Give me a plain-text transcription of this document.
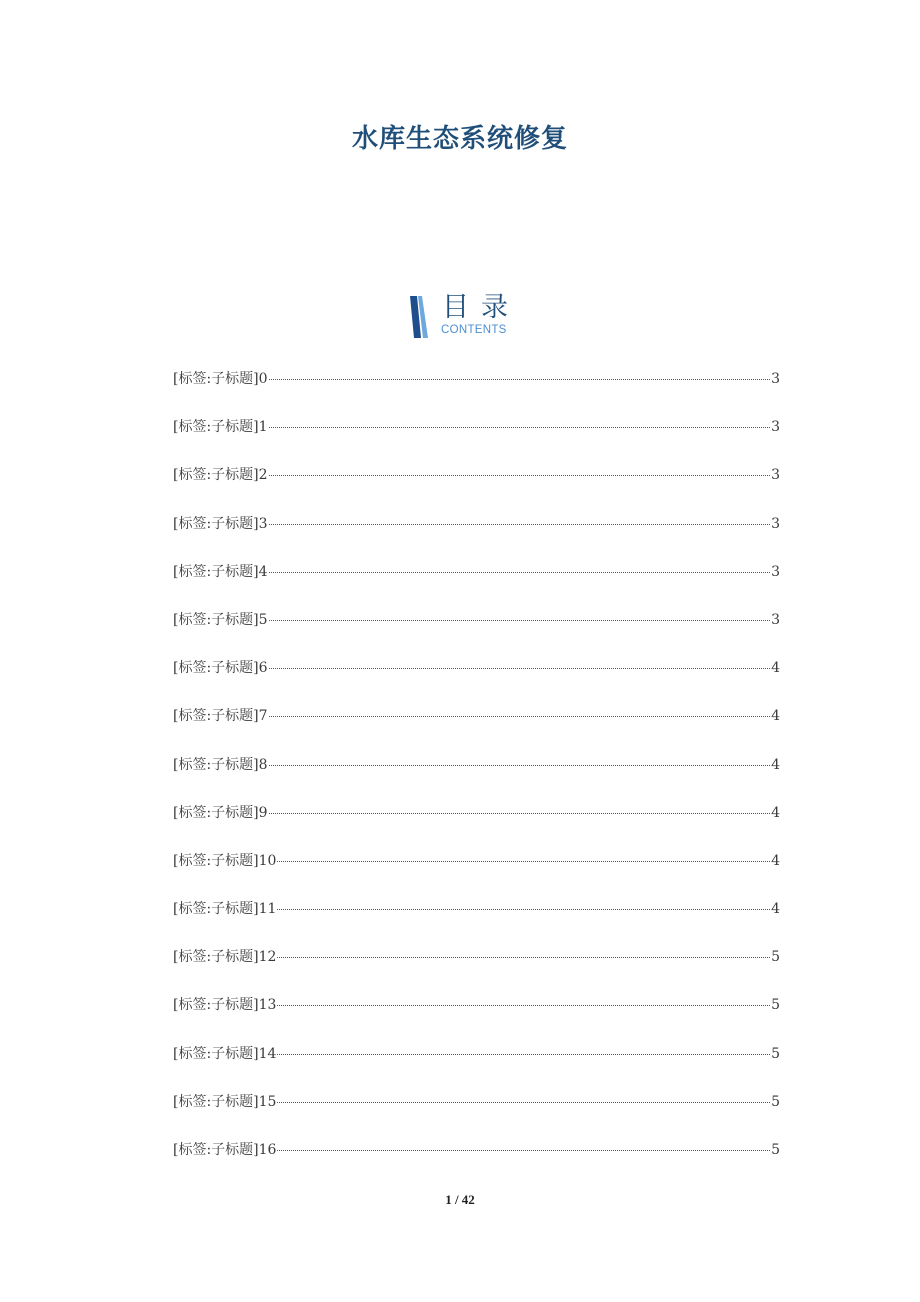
水库生态系统修复
目录
CONTENTS
[标签:子标题]0	3
[标签:子标题]1	3
[标签:子标题]2	3
[标签:子标题]3	3
[标签:子标题]4	3
[标签:子标题]5	3
[标签:子标题]6	4
[标签:子标题]7	4
[标签:子标题]8	4
[标签:子标题]9	4
[标签:子标题]10	4
[标签:子标题]11	4
[标签:子标题]12	5
[标签:子标题]13	5
[标签:子标题]14	5
[标签:子标题]15	5
[标签:子标题]16	5
1 / 42
